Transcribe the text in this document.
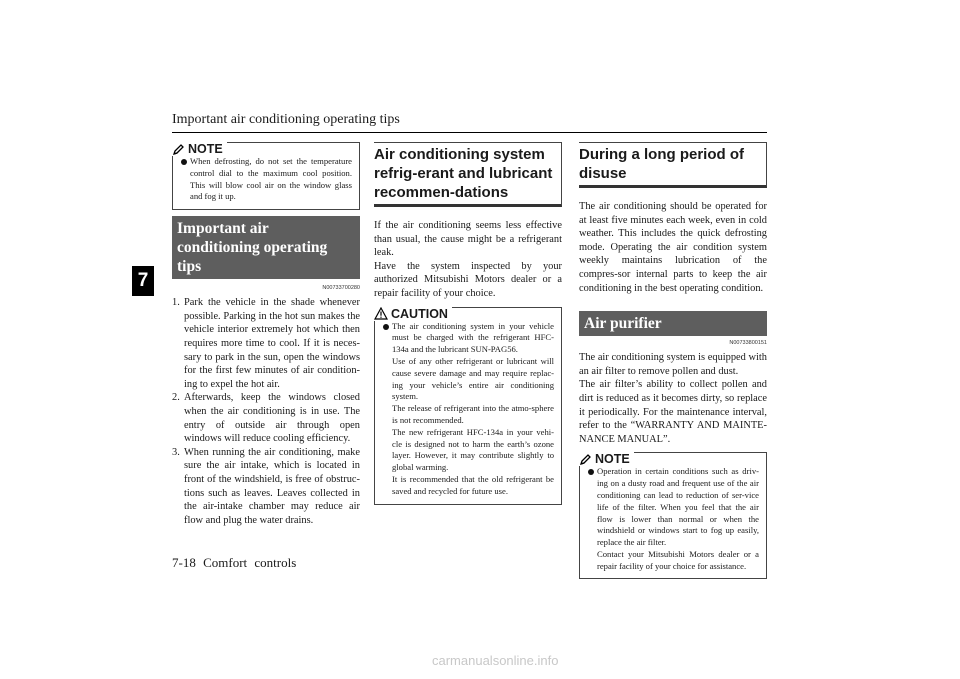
Important air conditioning operating tips
7
NOTE

When defrosting, do not set the temperature control dial to the maximum cool position. This will blow cool air on the window glass and fog it up.

Important air conditioning operating tips
N00733700280
1. Park the vehicle in the shade whenever possible. Parking in the hot sun makes the vehicle interior extremely hot which then requires more time to cool. If it is neces-sary to park in the sun, open the windows for the first few minutes of air condition-ing to expel the hot air.
2. Afterwards, keep the windows closed when the air conditioning is in use. The entry of outside air through open windows will reduce cooling efficiency.
3. When running the air conditioning, make sure the air intake, which is located in front of the windshield, is free of obstruc-tions such as leaves. Leaves collected in the air-intake chamber may reduce air flow and plug the water drains.
Air conditioning system refrig-erant and lubricant recommen-dations

If the air conditioning seems less effective than usual, the cause might be a refrigerant leak.

Have the system inspected by your authorized Mitsubishi Motors dealer or a repair facility of your choice.

CAUTION

The air conditioning system in your vehicle must be charged with the refrigerant HFC-134a and the lubricant SUN-PAG56.

Use of any other refrigerant or lubricant will cause severe damage and may require replac-ing your vehicle’s entire air conditioning system.

The release of refrigerant into the atmo-sphere is not recommended.

The new refrigerant HFC-134a in your vehi-cle is designed not to harm the earth’s ozone layer. However, it may contribute slightly to global warming.

It is recommended that the old refrigerant be saved and recycled for future use.

During a long period of disuse

The air conditioning should be operated for at least five minutes each week, even in cold weather. This includes the quick defrosting mode. Operating the air condition system weekly maintains lubrication of the compres-sor internal parts to keep the air conditioning in the best operating condition.

Air purifier
N00733800151

The air conditioning system is equipped with an air filter to remove pollen and dust.

The air filter’s ability to collect pollen and dirt is reduced as it becomes dirty, so replace it periodically. For the maintenance interval, refer to the “WARRANTY AND MAINTE-NANCE MANUAL”.

NOTE

Operation in certain conditions such as driv-ing on a dusty road and frequent use of the air conditioning can lead to reduction of ser-vice life of the filter. When you feel that the air flow is lower than normal or when the windshield or windows start to fog up easily, replace the air filter.

Contact your Mitsubishi Motors dealer or a repair facility of your choice for assistance.

7-18 Comfort controls
carmanualsonline.info
